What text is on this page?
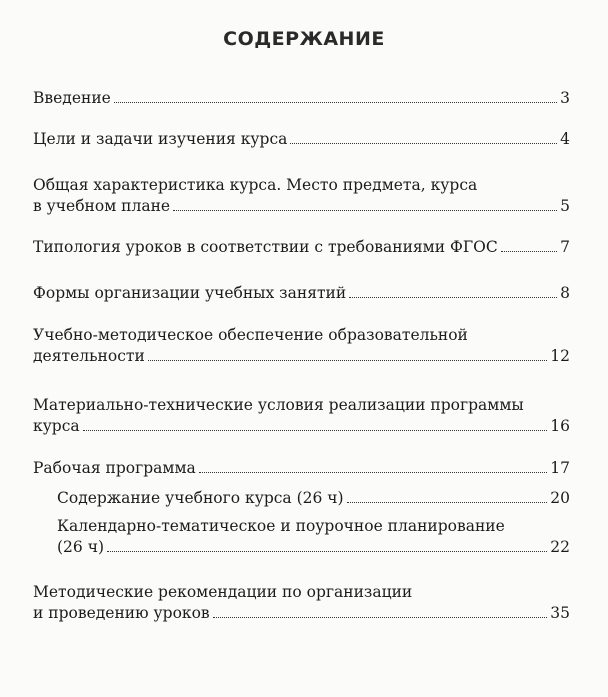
СОДЕРЖАНИЕ
Введение	3
Цели и задачи изучения курса	4
Общая характеристика курса. Место предмета, курса
в учебном плане	5
Типология уроков в соответствии с требованиями ФГОС	7
Формы организации учебных занятий	8
Учебно-методическое обеспечение образовательной
деятельности	12
Материально-технические условия реализации программы
курса	16
Рабочая программа	17
Содержание учебного курса (26 ч)	20
Календарно-тематическое и поурочное планирование
(26 ч)	22
Методические рекомендации по организации
и проведению уроков	35
